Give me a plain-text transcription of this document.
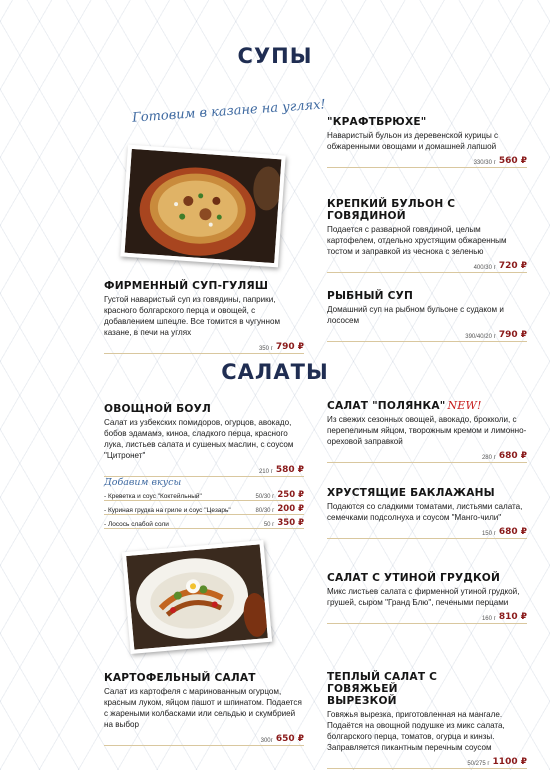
СУПЫ
Готовим в казане на углях!

ФИРМЕННЫЙ СУП-ГУЛЯШ

Густой наваристый суп из говядины, паприки, красного болгарского перца и овощей, с добавлением шпецле. Все томится в чугунном казане, в печи на углях

350 г 790 ₽

"КРАФТБРЮХЕ"

Наваристый бульон из деревенской курицы с обжаренными овощами и домашней лапшой

330/30 г 560 ₽

КРЕПКИЙ БУЛЬОН С ГОВЯДИНОЙ

Подается с разварной говядиной, целым картофелем, отдельно хрустящим обжаренным тостом и заправкой из чеснока с зеленью

400/30 г 720 ₽

РЫБНЫЙ СУП

Домашний суп на рыбном бульоне с судаком и лососем

390/40/20 г 790 ₽
САЛАТЫ

ОВОЩНОЙ БОУЛ

Салат из узбекских помидоров, огурцов, авокадо, бобов эдамамэ, киноа, сладкого перца, красного лука, листьев салата и сушеных маслин, с соусом "Цитронет"

210 г 580 ₽
Добавим вкусы
- Креветка и соус "Коктейльный"	50/30 г 250 ₽
- Куриная грудка на гриле и соус "Цезарь"	80/30 г 200 ₽
- Лосось слабой соли	50 г 350 ₽

КАРТОФЕЛЬНЫЙ САЛАТ

Салат из картофеля с маринованным огурцом, красным луком, яйцом пашот и шпинатом. Подается с жареными колбасками или сельдью и скумбрией на выбор

300г 650 ₽

САЛАТ "ПОЛЯНКА" NEW!

Из свежих сезонных овощей, авокадо, брокколи, с перепелиным яйцом, творожным кремом и лимонно-ореховой заправкой

280 г 680 ₽

ХРУСТЯЩИЕ БАКЛАЖАНЫ

Подаются со сладкими томатами, листьями салата, семечками подсолнуха и соусом "Манго-чили"

150 г 680 ₽

САЛАТ С УТИНОЙ ГРУДКОЙ

Микс листьев салата с фирменной утиной грудкой, грушей, сыром "Гранд Блю", печеными перцами

160 г 810 ₽

ТЕПЛЫЙ САЛАТ С ГОВЯЖЬЕЙ ВЫРЕЗКОЙ

Говяжья вырезка, приготовленная на мангале. Подаётся на овощной подушке из микс салата, болгарского перца, томатов, огурца и кинзы. Заправляется пикантным перечным соусом

50/275 г 1100 ₽
